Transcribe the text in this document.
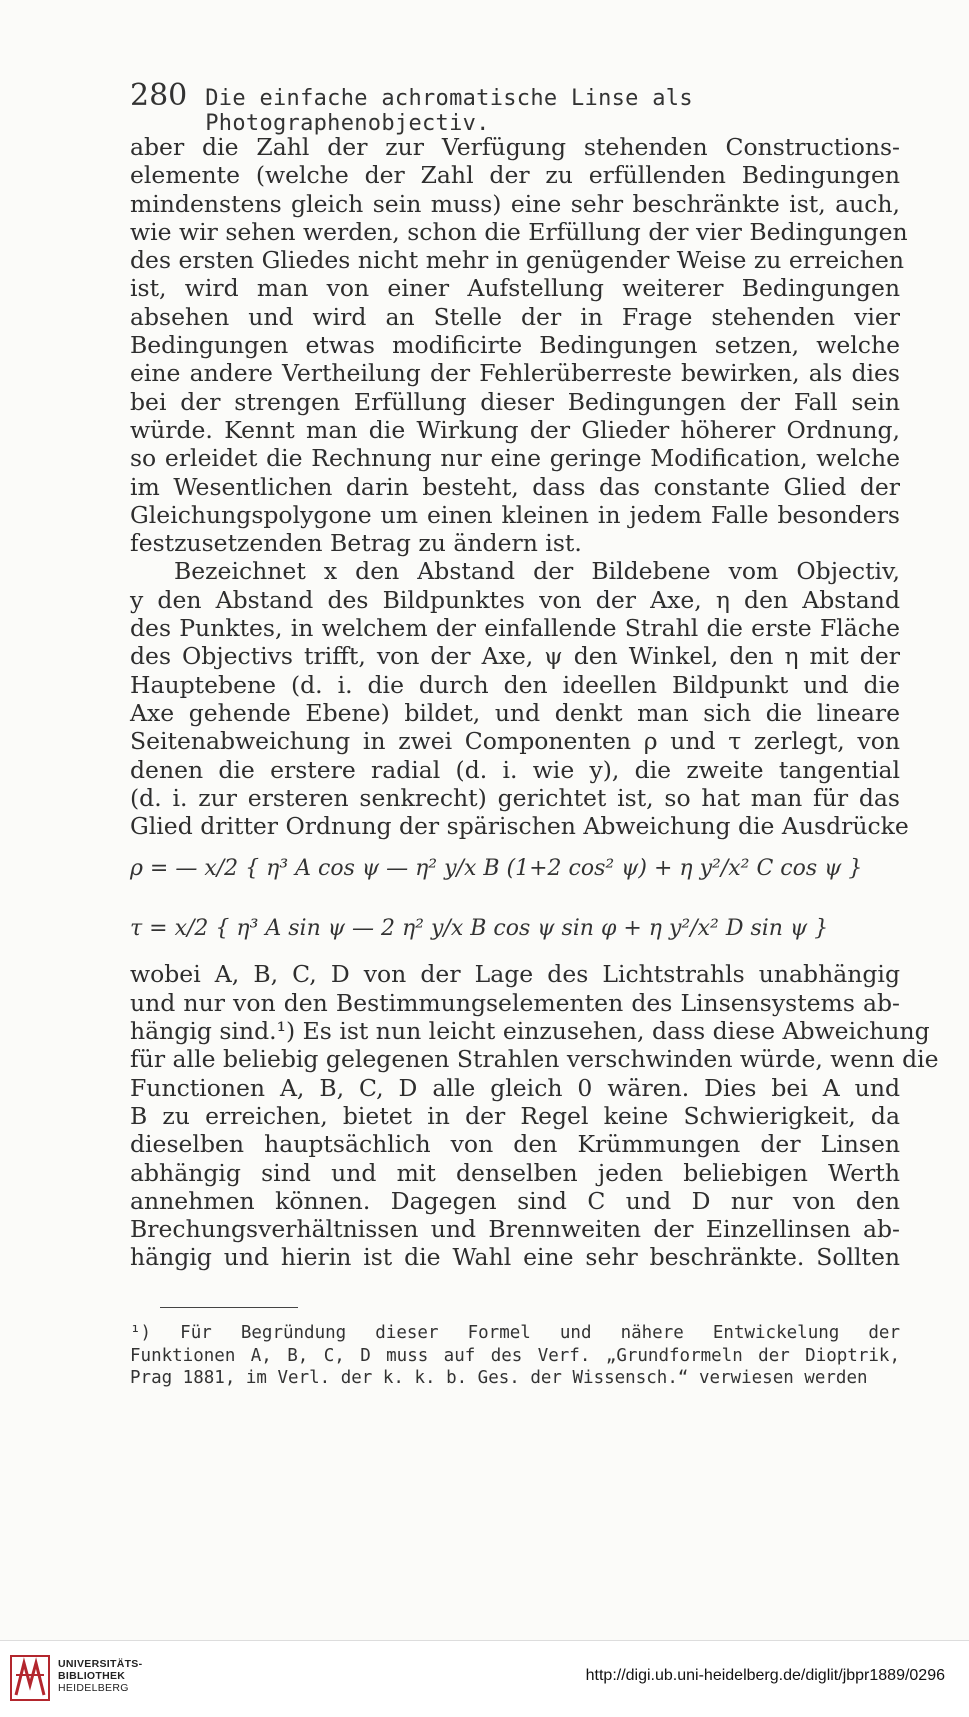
280 Die einfache achromatische Linse als Photographenobjectiv.
aber die Zahl der zur Verfügung stehenden Constructions-
elemente (welche der Zahl der zu erfüllenden Bedingungen
mindenstens gleich sein muss) eine sehr beschränkte ist, auch,
wie wir sehen werden, schon die Erfüllung der vier Bedingungen
des ersten Gliedes nicht mehr in genügender Weise zu erreichen
ist, wird man von einer Aufstellung weiterer Bedingungen
absehen und wird an Stelle der in Frage stehenden vier
Bedingungen etwas modificirte Bedingungen setzen, welche
eine andere Vertheilung der Fehlerüberreste bewirken, als dies
bei der strengen Erfüllung dieser Bedingungen der Fall sein
würde. Kennt man die Wirkung der Glieder höherer Ordnung,
so erleidet die Rechnung nur eine geringe Modification, welche
im Wesentlichen darin besteht, dass das constante Glied der
Gleichungspolygone um einen kleinen in jedem Falle besonders
festzusetzenden Betrag zu ändern ist.
Bezeichnet x den Abstand der Bildebene vom Objectiv,
y den Abstand des Bildpunktes von der Axe, η den Abstand
des Punktes, in welchem der einfallende Strahl die erste Fläche
des Objectivs trifft, von der Axe, ψ den Winkel, den η mit der
Hauptebene (d. i. die durch den ideellen Bildpunkt und die
Axe gehende Ebene) bildet, und denkt man sich die lineare
Seitenabweichung in zwei Componenten ρ und τ zerlegt, von
denen die erstere radial (d. i. wie y), die zweite tangential
(d. i. zur ersteren senkrecht) gerichtet ist, so hat man für das
Glied dritter Ordnung der spärischen Abweichung die Ausdrücke
ρ = — x/2 { η³ A cos ψ — η² y/x B (1+2 cos² ψ) + η y²/x² C cos ψ }
τ = x/2 { η³ A sin ψ — 2 η² y/x B cos ψ sin φ + η y²/x² D sin ψ }
wobei A, B, C, D von der Lage des Lichtstrahls unabhängig
und nur von den Bestimmungselementen des Linsensystems ab-
hängig sind.¹) Es ist nun leicht einzusehen, dass diese Abweichung
für alle beliebig gelegenen Strahlen verschwinden würde, wenn die
Functionen A, B, C, D alle gleich 0 wären. Dies bei A und
B zu erreichen, bietet in der Regel keine Schwierigkeit, da
dieselben hauptsächlich von den Krümmungen der Linsen
abhängig sind und mit denselben jeden beliebigen Werth
annehmen können. Dagegen sind C und D nur von den
Brechungsverhältnissen und Brennweiten der Einzellinsen ab-
hängig und hierin ist die Wahl eine sehr beschränkte. Sollten
¹) Für Begründung dieser Formel und nähere Entwickelung der
Funktionen A, B, C, D muss auf des Verf. „Grundformeln der Dioptrik,
Prag 1881, im Verl. der k. k. b. Ges. der Wissensch.“ verwiesen werden
UNIVERSITÄTS-
BIBLIOTHEK
HEIDELBERG
http://digi.ub.uni-heidelberg.de/diglit/jbpr1889/0296
